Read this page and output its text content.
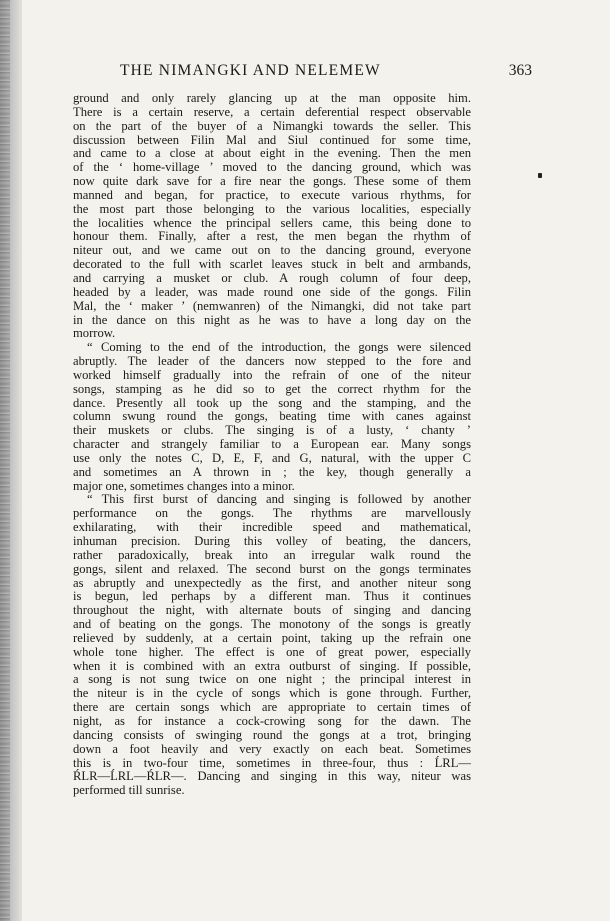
THE NIMANGKI AND NELEMEW	363
ground and only rarely glancing up at the man opposite him.
There is a certain reserve, a certain deferential respect observable
on the part of the buyer of a Nimangki towards the seller. This
discussion between Filin Mal and Siul continued for some time,
and came to a close at about eight in the evening. Then the men
of the ‘ home-village ’ moved to the dancing ground, which was
now quite dark save for a fire near the gongs. These some of them
manned and began, for practice, to execute various rhythms, for
the most part those belonging to the various localities, especially
the localities whence the principal sellers came, this being done to
honour them. Finally, after a rest, the men began the rhythm of
niteur out, and we came out on to the dancing ground, everyone
decorated to the full with scarlet leaves stuck in belt and armbands,
and carrying a musket or club. A rough column of four deep,
headed by a leader, was made round one side of the gongs. Filin
Mal, the ‘ maker ’ (nemwanren) of the Nimangki, did not take part
in the dance on this night as he was to have a long day on the
morrow.
“ Coming to the end of the introduction, the gongs were silenced
abruptly. The leader of the dancers now stepped to the fore and
worked himself gradually into the refrain of one of the niteur
songs, stamping as he did so to get the correct rhythm for the
dance. Presently all took up the song and the stamping, and the
column swung round the gongs, beating time with canes against
their muskets or clubs. The singing is of a lusty, ‘ chanty ’
character and strangely familiar to a European ear. Many songs
use only the notes C, D, E, F, and G, natural, with the upper C
and sometimes an A thrown in ; the key, though generally a
major one, sometimes changes into a minor.
“ This first burst of dancing and singing is followed by another
performance on the gongs. The rhythms are marvellously
exhilarating, with their incredible speed and mathematical,
inhuman precision. During this volley of beating, the dancers,
rather paradoxically, break into an irregular walk round the
gongs, silent and relaxed. The second burst on the gongs terminates
as abruptly and unexpectedly as the first, and another niteur song
is begun, led perhaps by a different man. Thus it continues
throughout the night, with alternate bouts of singing and dancing
and of beating on the gongs. The monotony of the songs is greatly
relieved by suddenly, at a certain point, taking up the refrain one
whole tone higher. The effect is one of great power, especially
when it is combined with an extra outburst of singing. If possible,
a song is not sung twice on one night ; the principal interest in
the niteur is in the cycle of songs which is gone through. Further,
there are certain songs which are appropriate to certain times of
night, as for instance a cock-crowing song for the dawn. The
dancing consists of swinging round the gongs at a trot, bringing
down a foot heavily and very exactly on each beat. Sometimes
this is in two-four time, sometimes in three-four, thus : ĹRL—
ŔLR—ĹRL—ŔLR—. Dancing and singing in this way, niteur was
performed till sunrise.
